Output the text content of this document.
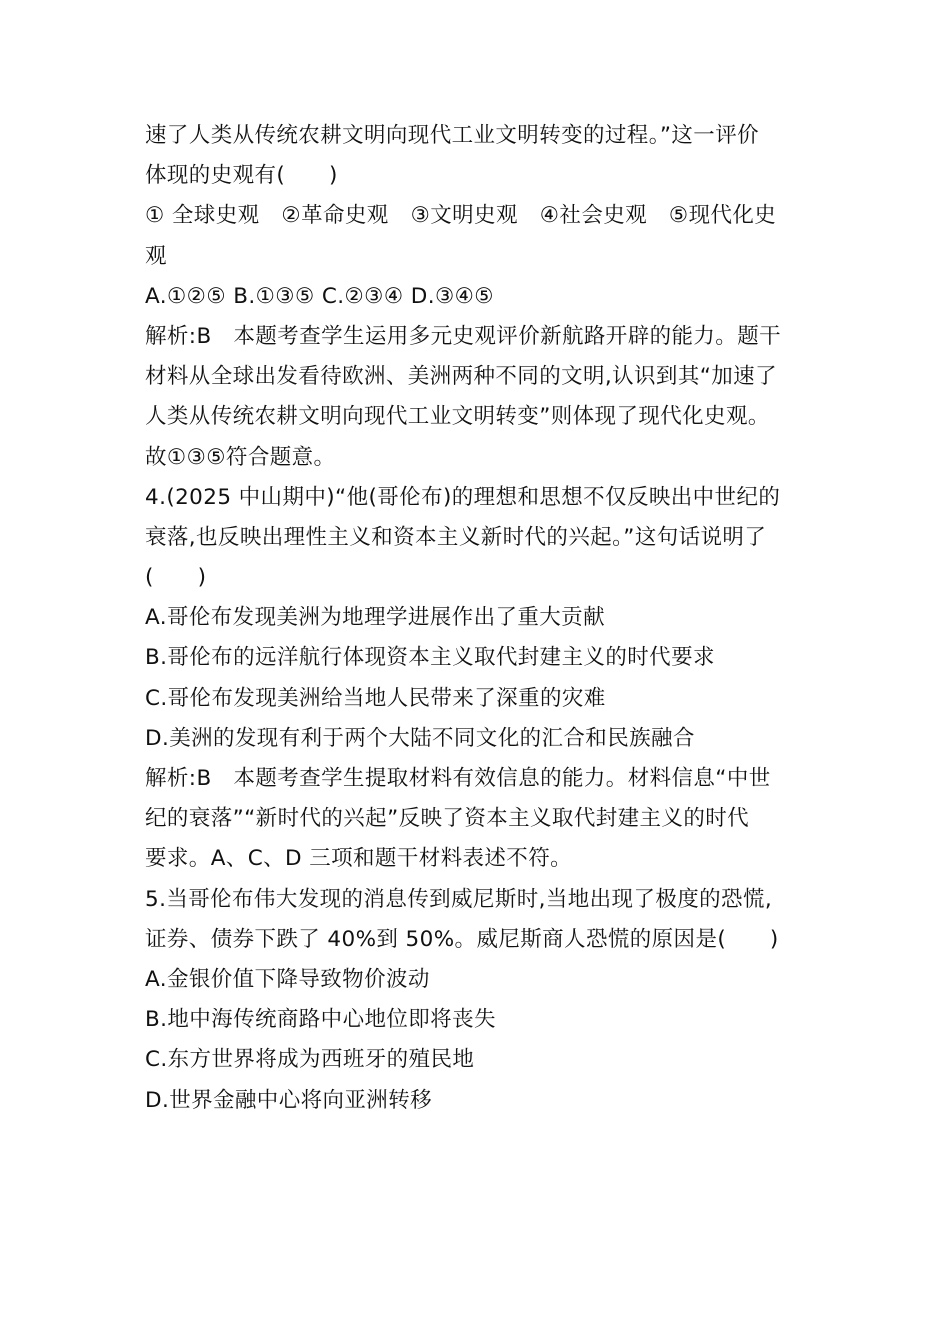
速了人类从传统农耕文明向现代工业文明转变的过程。”这一评价
体现的史观有(　　)
① 全球史观　②革命史观　③文明史观　④社会史观　⑤现代化史
观
A.①②⑤ B.①③⑤ C.②③④ D.③④⑤
解析:B　本题考查学生运用多元史观评价新航路开辟的能力。题干
材料从全球出发看待欧洲、美洲两种不同的文明,认识到其“加速了
人类从传统农耕文明向现代工业文明转变”则体现了现代化史观。
故①③⑤符合题意。
4.(2025 中山期中)“他(哥伦布)的理想和思想不仅反映出中世纪的
衰落,也反映出理性主义和资本主义新时代的兴起。”这句话说明了
(　　)
A.哥伦布发现美洲为地理学进展作出了重大贡献
B.哥伦布的远洋航行体现资本主义取代封建主义的时代要求
C.哥伦布发现美洲给当地人民带来了深重的灾难
D.美洲的发现有利于两个大陆不同文化的汇合和民族融合
解析:B　本题考查学生提取材料有效信息的能力。材料信息“中世
纪的衰落”“新时代的兴起”反映了资本主义取代封建主义的时代
要求。A、C、D 三项和题干材料表述不符。
5.当哥伦布伟大发现的消息传到威尼斯时,当地出现了极度的恐慌,
证券、债券下跌了 40%到 50%。威尼斯商人恐慌的原因是(　　)
A.金银价值下降导致物价波动
B.地中海传统商路中心地位即将丧失
C.东方世界将成为西班牙的殖民地
D.世界金融中心将向亚洲转移
